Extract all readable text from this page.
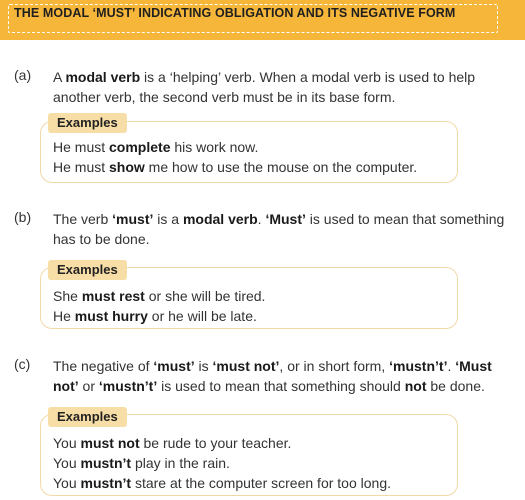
THE MODAL ‘MUST’ INDICATING OBLIGATION AND ITS NEGATIVE FORM
(a) A modal verb is a ‘helping’ verb. When a modal verb is used to help another verb, the second verb must be in its base form.
He must complete his work now.
He must show me how to use the mouse on the computer.
Examples
(b) The verb ‘must’ is a modal verb. ‘Must’ is used to mean that something has to be done.
She must rest or she will be tired.
He must hurry or he will be late.
Examples
(c) The negative of ‘must’ is ‘must not’, or in short form, ‘mustn’t’. ‘Must not’ or ‘mustn’t’ is used to mean that something should not be done.
You must not be rude to your teacher.
You mustn’t play in the rain.
You mustn’t stare at the computer screen for too long.
Examples
